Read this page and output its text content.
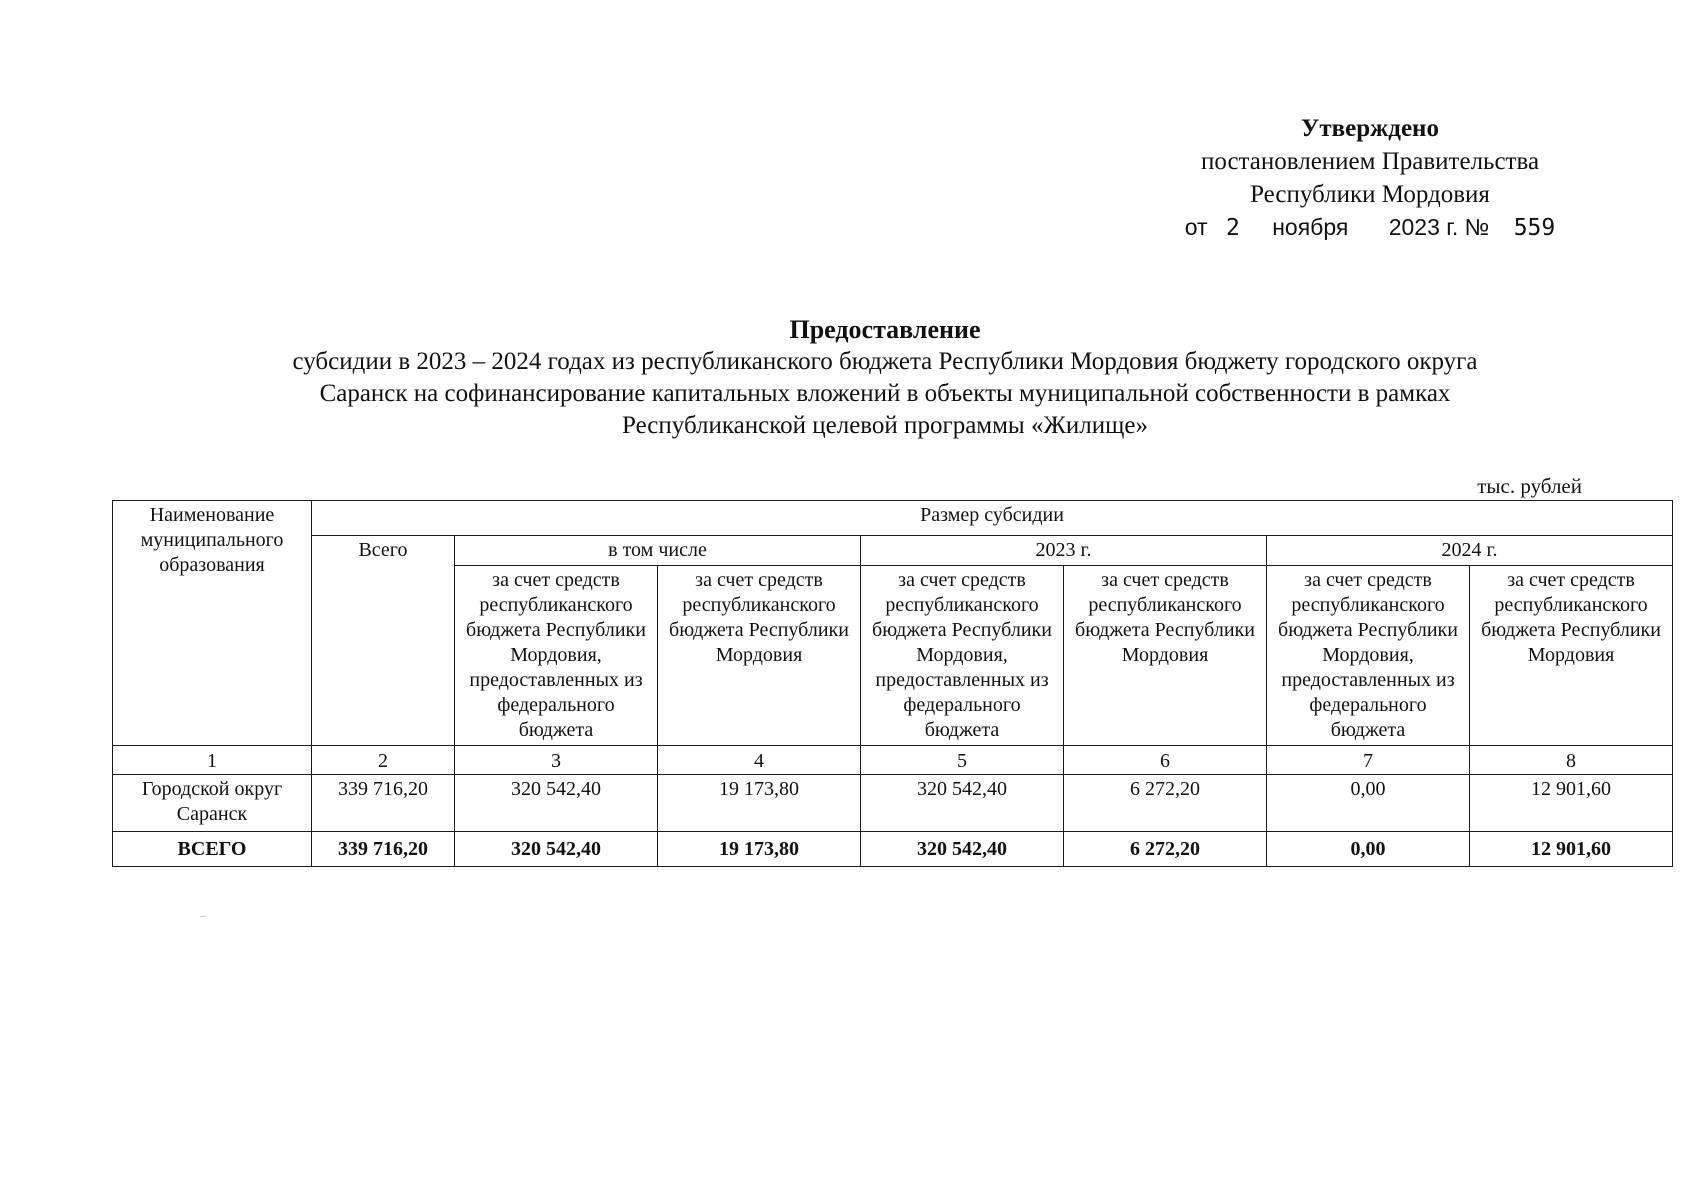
Утверждено
постановлением Правительства
Республики Мордовия
от 2 ноября 2023 г. № 559
Предоставление
субсидии в 2023 – 2024 годах из республиканского бюджета Республики Мордовия бюджету городского округа
Саранск на софинансирование капитальных вложений в объекты муниципальной собственности в рамках
Республиканской целевой программы «Жилище»
тыс. рублей
Наименование муниципального образования	Размер субсидии						
	Всего	в том числе		2023 г.		2024 г.	
		за счет средств республиканского бюджета Республики Мордовия, предоставленных из федерального бюджета	за счет средств республиканского бюджета Республики Мордовия	за счет средств республиканского бюджета Республики Мордовия, предоставленных из федерального бюджета	за счет средств республиканского бюджета Республики Мордовия	за счет средств республиканского бюджета Республики Мордовия, предоставленных из федерального бюджета	за счет средств республиканского бюджета Республики Мордовия
1	2	3	4	5	6	7	8
Городской округ Саранск	339 716,20	320 542,40	19 173,80	320 542,40	6 272,20	0,00	12 901,60
ВСЕГО	339 716,20	320 542,40	19 173,80	320 542,40	6 272,20	0,00	12 901,60
